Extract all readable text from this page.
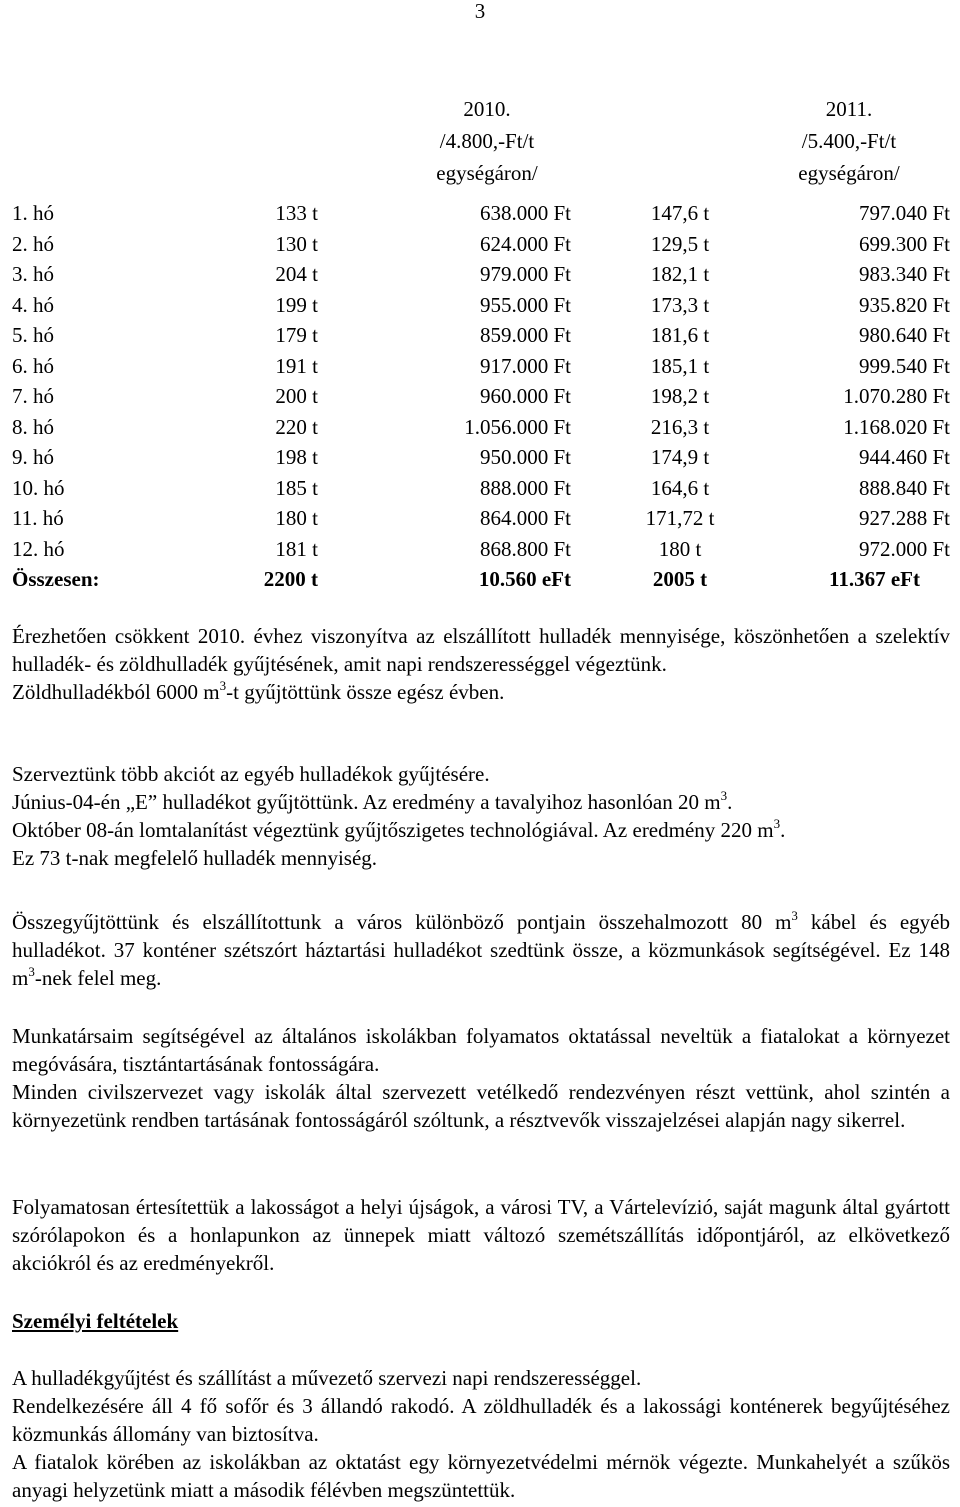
3
2010.
/4.800,-Ft/t
egységáron/
2011.
/5.400,-Ft/t
egységáron/
1. hó	133 t	638.000 Ft	147,6 t	797.040 Ft
2. hó	130 t	624.000 Ft	129,5 t	699.300 Ft
3. hó	204 t	979.000 Ft	182,1 t	983.340 Ft
4. hó	199 t	955.000 Ft	173,3 t	935.820 Ft
5. hó	179 t	859.000 Ft	181,6 t	980.640 Ft
6. hó	191 t	917.000 Ft	185,1 t	999.540 Ft
7. hó	200 t	960.000 Ft	198,2 t	1.070.280 Ft
8. hó	220 t	1.056.000 Ft	216,3 t	1.168.020 Ft
9. hó	198 t	950.000 Ft	174,9 t	944.460 Ft
10. hó	185 t	888.000 Ft	164,6 t	888.840 Ft
11. hó	180 t	864.000 Ft	171,72 t	927.288 Ft
12. hó	181 t	868.800 Ft	180 t	972.000 Ft
Összesen:	2200 t	10.560 eFt	2005 t	11.367 eFt

Érezhetően csökkent 2010. évhez viszonyítva az elszállított hulladék mennyisége, köszönhetően a szelektív hulladék- és zöldhulladék gyűjtésének, amit napi rendszerességgel végeztünk.

Zöldhulladékból 6000 $m^3-t$ gyűjtöttünk össze egész évben.

Szerveztünk több akciót az egyéb hulladékok gyűjtésére.

Június-04-én „E” hulladékot gyűjtöttünk. Az eredmény a tavalyihoz hasonlóan 20 $m^3$.

Október 08-án lomtalanítást végeztünk gyűjtőszigetes technológiával. Az eredmény 220 $m^3$.

Ez 73 t-nak megfelelő hulladék mennyiség.

Összegyűjtöttünk és elszállítottunk a város különböző pontjain összehalmozott 80 $m^3$ kábel és egyéb hulladékot. 37 konténer szétszórt háztartási hulladékot szedtünk össze, a közmunkások segítségével. Ez 148 $m^3$-nek felel meg.

Munkatársaim segítségével az általános iskolákban folyamatos oktatással neveltük a fiatalokat a környezet megóvására, tisztántartásának fontosságára.

Minden civilszervezet vagy iskolák által szervezett vetélkedő rendezvényen részt vettünk, ahol szintén a környezetünk rendben tartásának fontosságáról szóltunk, a résztvevők visszajelzései alapján nagy sikerrel.

Folyamatosan értesítettük a lakosságot a helyi újságok, a városi TV, a Vártelevízió, saját magunk által gyártott szórólapokon és a honlapunkon az ünnepek miatt változó szemétszállítás időpontjáról, az elkövetkező akciókról és az eredményekről.

Személyi feltételek

A hulladékgyűjtést és szállítást a művezető szervezi napi rendszerességgel.

Rendelkezésére áll 4 fő sofőr és 3 állandó rakodó. A zöldhulladék és a lakossági konténerek begyűjtéséhez közmunkás állomány van biztosítva.

A fiatalok körében az iskolákban az oktatást egy környezetvédelmi mérnök végezte. Munkahelyét a szűkös anyagi helyzetünk miatt a második félévben megszüntettük.
